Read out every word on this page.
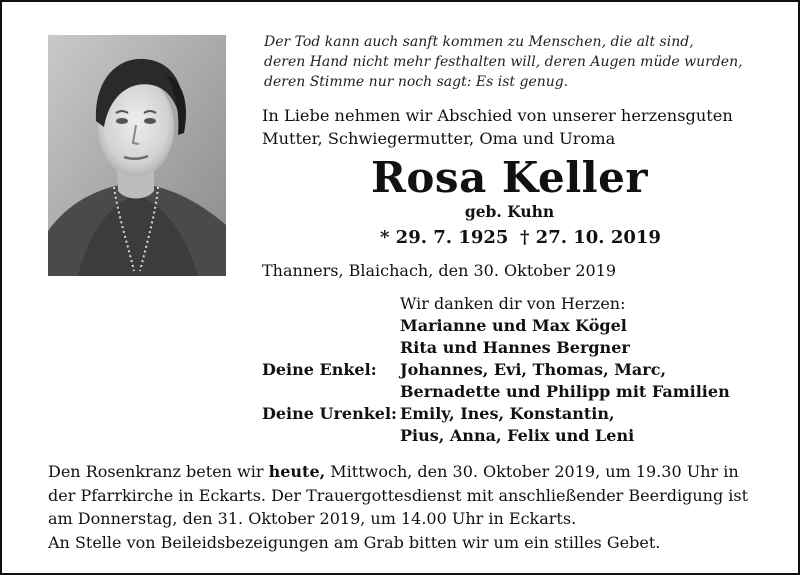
Der Tod kann auch sanft kommen zu Menschen, die alt sind,
deren Hand nicht mehr festhalten will, deren Augen müde wurden,
deren Stimme nur noch sagt: Es ist genug.
In Liebe nehmen wir Abschied von unserer herzensguten
Mutter, Schwiegermutter, Oma und Uroma
Rosa Keller
geb. Kuhn
* 29. 7. 1925 † 27. 10. 2019
Thanners, Blaichach, den 30. Oktober 2019
Wir danken dir von Herzen:
Marianne und Max Kögel
Rita und Hannes Bergner
Deine Enkel: Johannes, Evi, Thomas, Marc,
Bernadette und Philipp mit Familien
Deine Urenkel: Emily, Ines, Konstantin,
Pius, Anna, Felix und Leni
Den Rosenkranz beten wir heute, Mittwoch, den 30. Oktober 2019, um 19.30 Uhr in
der Pfarrkirche in Eckarts. Der Trauergottesdienst mit anschließender Beerdigung ist
am Donnerstag, den 31. Oktober 2019, um 14.00 Uhr in Eckarts.
An Stelle von Beileidsbezeigungen am Grab bitten wir um ein stilles Gebet.
